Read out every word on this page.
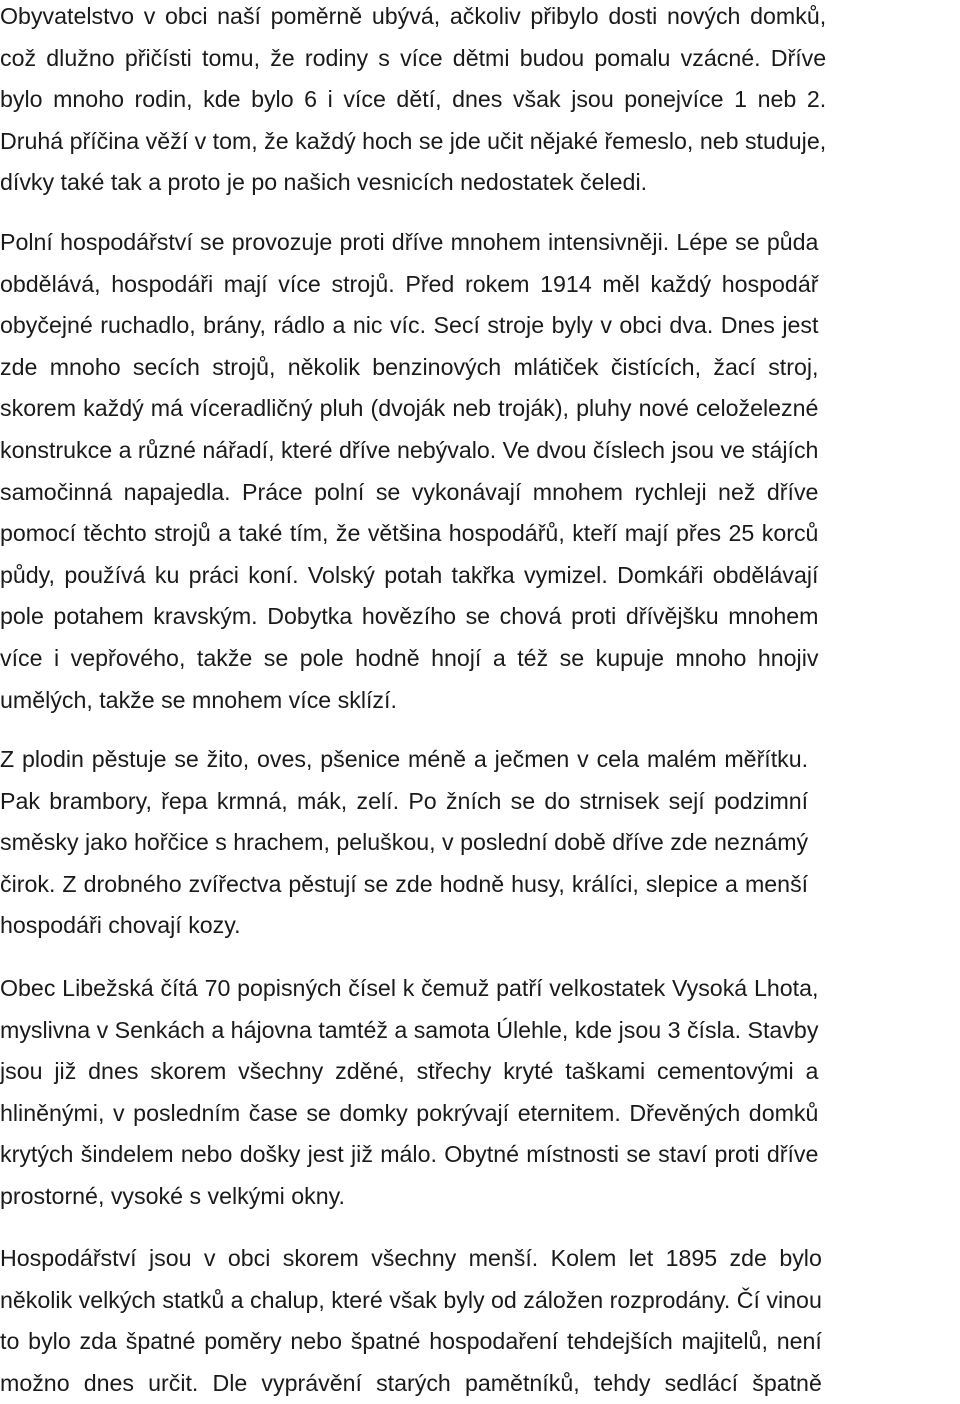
Obyvatelstvo v obci naší poměrně ubývá, ačkoliv přibylo dosti nových domků,
což dlužno přičísti tomu, že rodiny s více dětmi budou pomalu vzácné. Dříve
bylo mnoho rodin, kde bylo 6 i více dětí, dnes však jsou ponejvíce 1 neb 2.
Druhá příčina věží v tom, že každý hoch se jde učit nějaké řemeslo, neb studuje,
dívky také tak a proto je po našich vesnicích nedostatek čeledi.

Polní hospodářství se provozuje proti dříve mnohem intensivněji. Lépe se půda
obdělává, hospodáři mají více strojů. Před rokem 1914 měl každý hospodář
obyčejné ruchadlo, brány, rádlo a nic víc. Secí stroje byly v obci dva. Dnes jest
zde mnoho secích strojů, několik benzinových mlátiček čistících, žací stroj,
skorem každý má víceradličný pluh (dvoják neb troják), pluhy nové celoželezné
konstrukce a různé nářadí, které dříve nebývalo. Ve dvou číslech jsou ve stájích
samočinná napajedla. Práce polní se vykonávají mnohem rychleji než dříve
pomocí těchto strojů a také tím, že většina hospodářů, kteří mají přes 25 korců
půdy, používá ku práci koní. Volský potah takřka vymizel. Domkáři obdělávají
pole potahem kravským. Dobytka hovězího se chová proti dřívějšku mnohem
více i vepřového, takže se pole hodně hnojí a též se kupuje mnoho hnojiv
umělých, takže se mnohem více sklízí.

Z plodin pěstuje se žito, oves, pšenice méně a ječmen v cela malém měřítku.
Pak brambory, řepa krmná, mák, zelí. Po žních se do strnisek sejí podzimní
směsky jako hořčice s hrachem, peluškou, v poslední době dříve zde neznámý
čirok. Z drobného zvířectva pěstují se zde hodně husy, králíci, slepice a menší
hospodáři chovají kozy.

Obec Libežská čítá 70 popisných čísel k čemuž patří velkostatek Vysoká Lhota,
myslivna v Senkách a hájovna tamtéž a samota Úlehle, kde jsou 3 čísla. Stavby
jsou již dnes skorem všechny zděné, střechy kryté taškami cementovými a
hliněnými, v posledním čase se domky pokrývají eternitem. Dřevěných domků
krytých šindelem nebo došky jest již málo. Obytné místnosti se staví proti dříve
prostorné, vysoké s velkými okny.

Hospodářství jsou v obci skorem všechny menší. Kolem let 1895 zde bylo
několik velkých statků a chalup, které však byly od záložen rozprodány. Čí vinou
to bylo zda špatné poměry nebo špatné hospodaření tehdejších majitelů, není
možno dnes určit. Dle vyprávění starých pamětníků, tehdy sedlácí špatně
